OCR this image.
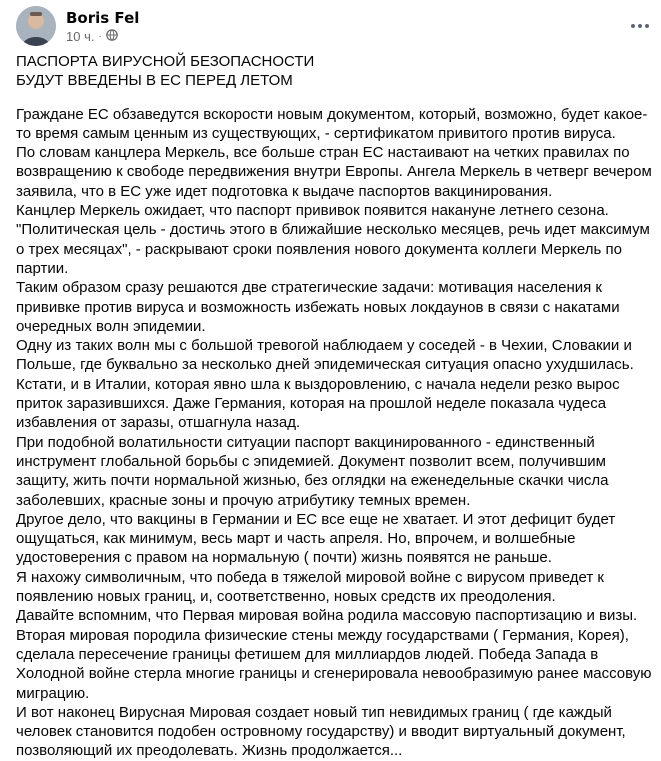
Boris Fel
10 ч. ·

ПАСПОРТА ВИРУСНОЙ БЕЗОПАСНОСТИ

БУДУТ ВВЕДЕНЫ В ЕС ПЕРЕД ЛЕТОМ

Граждане ЕС обзаведутся вскорости новым документом, который, возможно, будет какое-то время самым ценным из существующих, - сертификатом привитого против вируса.

По словам канцлера Меркель, все больше стран ЕС настаивают на четких правилах по возвращению к свободе передвижения внутри Европы. Ангела Меркель в четверг вечером заявила, что в ЕС уже идет подготовка к выдаче паспортов вакцинирования.

Канцлер Меркель ожидает, что паспорт прививок появится накануне летнего сезона.

"Политическая цель - достичь этого в ближайшие несколько месяцев, речь идет максимум о трех месяцах", - раскрывают сроки появления нового документа коллеги Меркель по партии.

Таким образом сразу решаются две стратегические задачи: мотивация населения к прививке против вируса и возможность избежать новых локдаунов в связи с накатами очередных волн эпидемии.

Одну из таких волн мы с большой тревогой наблюдаем у соседей - в Чехии, Словакии и Польше, где буквально за несколько дней эпидемическая ситуация опасно ухудшилась.

Кстати, и в Италии, которая явно шла к выздоровлению, с начала недели резко вырос приток заразившихся. Даже Германия, которая на прошлой неделе показала чудеса избавления от заразы, отшагнула назад.

При подобной волатильности ситуации паспорт вакцинированного - единственный инструмент глобальной борьбы с эпидемией. Документ позволит всем, получившим защиту, жить почти нормальной жизнью, без оглядки на еженедельные скачки числа заболевших, красные зоны и прочую атрибутику темных времен.

Другое дело, что вакцины в Германии и ЕС все еще не хватает. И этот дефицит будет ощущаться, как минимум, весь март и часть апреля. Но, впрочем, и волшебные удостоверения с правом на нормальную ( почти) жизнь появятся не раньше.

Я нахожу символичным, что победа в тяжелой мировой войне с вирусом приведет к появлению новых границ, и, соответственно, новых средств их преодоления.

Давайте вспомним, что Первая мировая война родила массовую паспортизацию и визы.

Вторая мировая породила физические стены между государствами ( Германия, Корея), сделала пересечение границы фетишем для миллиардов людей. Победа Запада в Холодной войне стерла многие границы и сгенерировала невообразимую ранее массовую миграцию.

И вот наконец Вирусная Мировая создает новый тип невидимых границ ( где каждый человек становится подобен островному государству) и вводит виртуальный документ, позволяющий их преодолевать. Жизнь продолжается...
